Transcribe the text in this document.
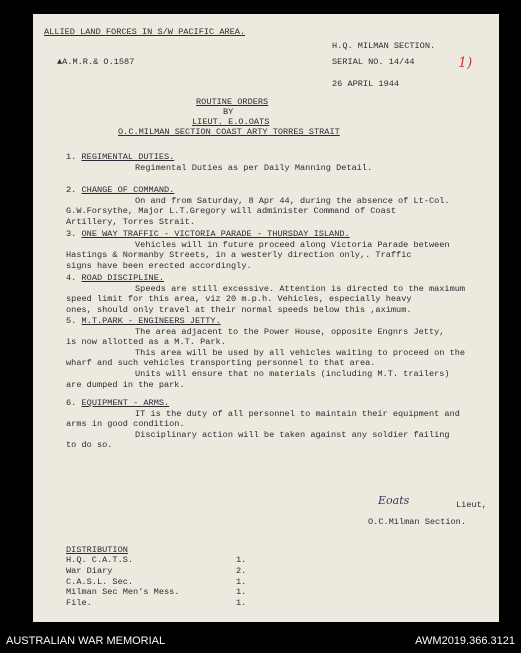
ALLIED LAND FORCES IN S/W PACIFIC AREA.
H.Q. MILMAN SECTION.
▲A.M.R.& O.1587	SERIAL NO. 14/44	1)
26 APRIL 1944
ROUTINE ORDERS
BY
LIEUT. E.O.OATS
O.C.MILMAN SECTION COAST ARTY TORRES STRAIT
1. REGIMENTAL DUTIES.
Regimental Duties as per Daily Manning Detail.
2. CHANGE OF COMMAND.
On and from Saturday, 8 Apr 44, during the absence of Lt-Col.
G.W.Forsythe, Major L.T.Gregory will administer Command of Coast
Artillery, Torres Strait.
3. ONE WAY TRAFFIC - VICTORIA PARADE - THURSDAY ISLAND.
Vehicles will in future proceed along Victoria Parade between
Hastings & Normanby Streets, in a westerly direction only,. Traffic
signs have been erected accordingly.
4. ROAD DISCIPLINE.
Speeds are still excessive. Attention is directed to the maximum
speed limit for this area, viz 20 m.p.h. Vehicles, especially heavy
ones, should only travel at their normal speeds below this ,aximum.
5. M.T.PARK - ENGINEERS JETTY.
The area adjacent to the Power House, opposite Engnrs Jetty,
is now allotted as a M.T. Park.
This area will be used by all vehicles waiting to proceed on the
wharf and such vehicles transporting personnel to that area.
Units will ensure that no materials (including M.T. trailers)
are dumped in the park.
6. EQUIPMENT - ARMS.
IT is the duty of all personnel to maintain their equipment and
arms in good condition.
Disciplinary action will be taken against any soldier failing
to do so.
Eoats	Lieut,
O.C.Milman Section.
DISTRIBUTION
H.Q. C.A.T.S.	1.
War Diary	2.
C.A.S.L. Sec.	1.
Milman Sec Men's Mess.	1.
File.	1.
AUSTRALIAN WAR MEMORIAL	AWM2019.366.3121
